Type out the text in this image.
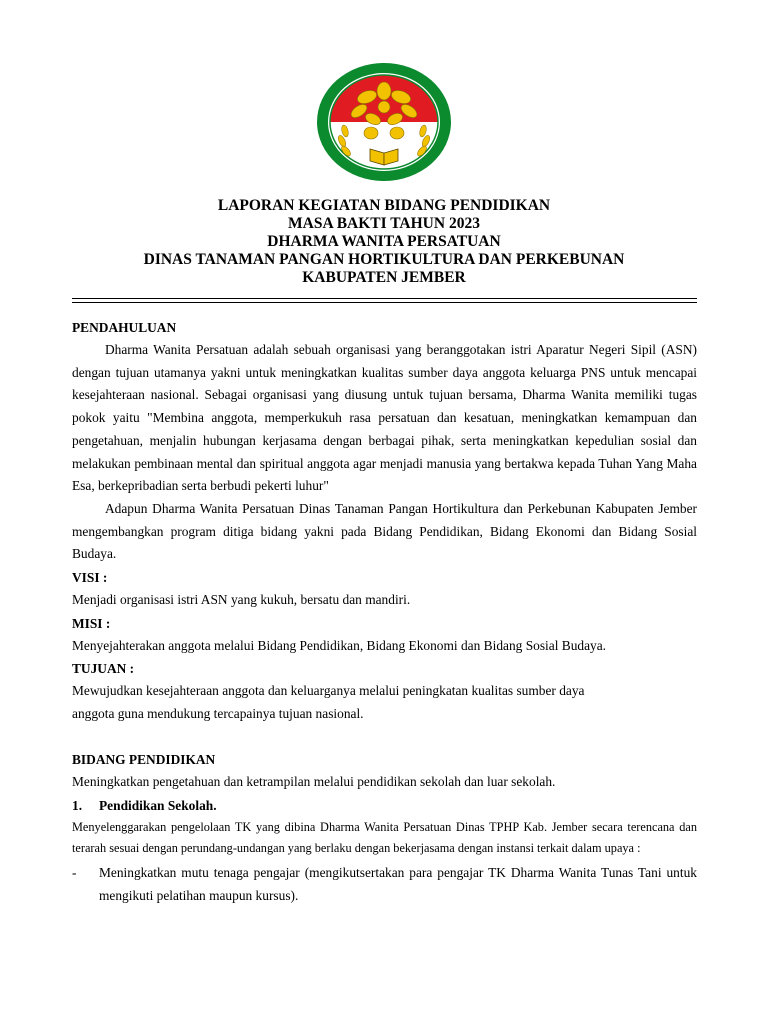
LAPORAN KEGIATAN BIDANG PENDIDIKAN
MASA BAKTI TAHUN 2023
DHARMA WANITA PERSATUAN
DINAS TANAMAN PANGAN HORTIKULTURA DAN PERKEBUNAN
KABUPATEN JEMBER
PENDAHULUAN

Dharma Wanita Persatuan adalah sebuah organisasi yang beranggotakan istri Aparatur Negeri Sipil (ASN) dengan tujuan utamanya yakni untuk meningkatkan kualitas sumber daya anggota keluarga PNS untuk mencapai kesejahteraan nasional. Sebagai organisasi yang diusung untuk tujuan bersama, Dharma Wanita memiliki tugas pokok yaitu "Membina anggota, memperkukuh rasa persatuan dan kesatuan, meningkatkan kemampuan dan pengetahuan, menjalin hubungan kerjasama dengan berbagai pihak, serta meningkatkan kepedulian sosial dan melakukan pembinaan mental dan spiritual anggota agar menjadi manusia yang bertakwa kepada Tuhan Yang Maha Esa, berkepribadian serta berbudi pekerti luhur"

Adapun Dharma Wanita Persatuan Dinas Tanaman Pangan Hortikultura dan Perkebunan Kabupaten Jember mengembangkan program ditiga bidang yakni pada Bidang Pendidikan, Bidang Ekonomi dan Bidang Sosial Budaya.

VISI :

Menjadi organisasi istri ASN yang kukuh, bersatu dan mandiri.

MISI :

Menyejahterakan anggota melalui Bidang Pendidikan, Bidang Ekonomi dan Bidang Sosial Budaya.

TUJUAN :

Mewujudkan kesejahteraan anggota dan keluarganya melalui peningkatan kualitas sumber daya

anggota guna mendukung tercapainya tujuan nasional.

BIDANG PENDIDIKAN

Meningkatkan pengetahuan dan ketrampilan melalui pendidikan sekolah dan luar sekolah.

1.	Pendidikan Sekolah.

Menyelenggarakan pengelolaan TK yang dibina Dharma Wanita Persatuan Dinas TPHP Kab. Jember secara terencana dan terarah sesuai dengan perundang-undangan yang berlaku dengan bekerjasama dengan instansi terkait dalam upaya :

-	Meningkatkan mutu tenaga pengajar (mengikutsertakan para pengajar TK Dharma Wanita Tunas Tani untuk mengikuti pelatihan maupun kursus).
